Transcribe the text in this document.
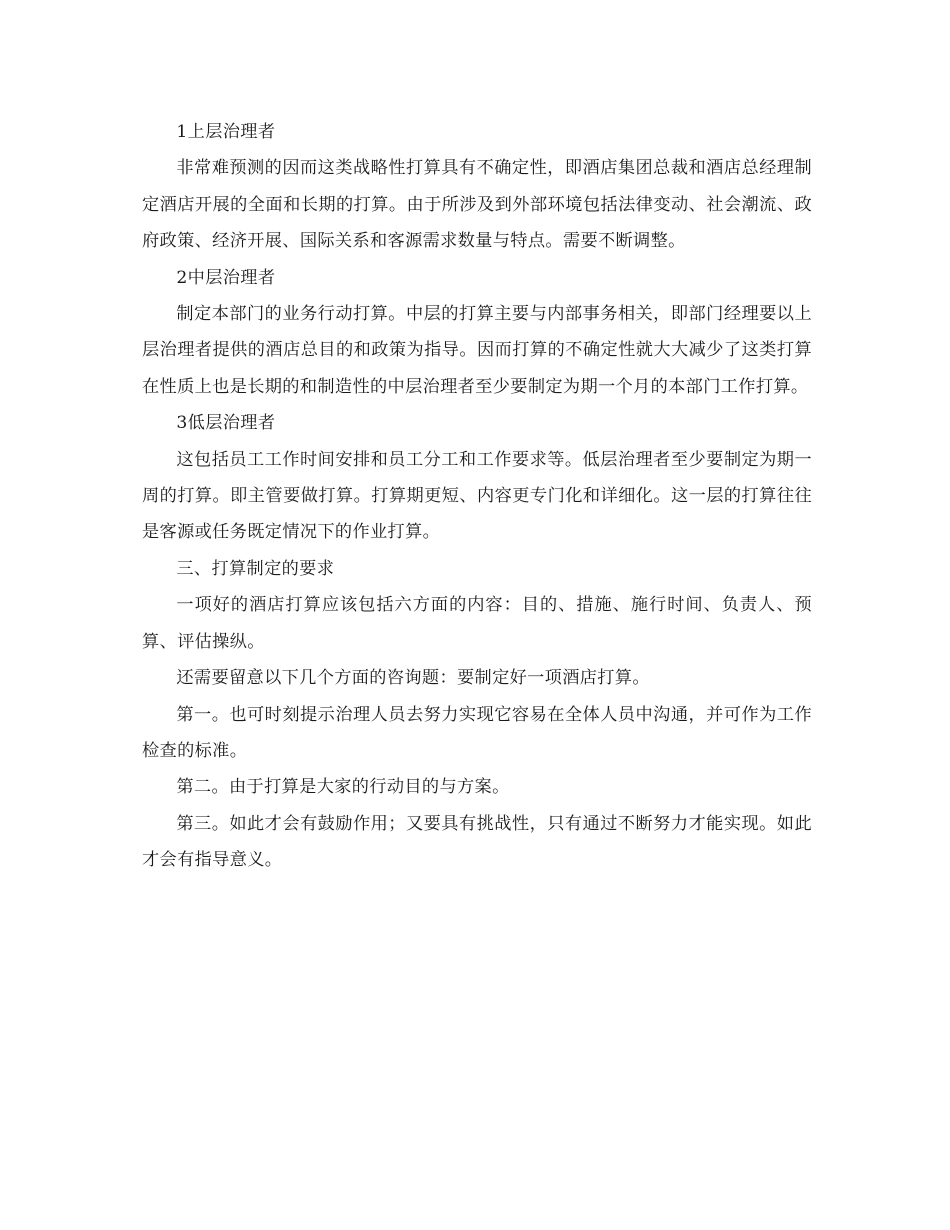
1上层治理者

非常难预测的因而这类战略性打算具有不确定性，即酒店集团总裁和酒店总经理制定酒店开展的全面和长期的打算。由于所涉及到外部环境包括法律变动、社会潮流、政府政策、经济开展、国际关系和客源需求数量与特点。需要不断调整。

2中层治理者

制定本部门的业务行动打算。中层的打算主要与内部事务相关，即部门经理要以上层治理者提供的酒店总目的和政策为指导。因而打算的不确定性就大大减少了这类打算在性质上也是长期的和制造性的中层治理者至少要制定为期一个月的本部门工作打算。

3低层治理者

这包括员工工作时间安排和员工分工和工作要求等。低层治理者至少要制定为期一周的打算。即主管要做打算。打算期更短、内容更专门化和详细化。这一层的打算往往是客源或任务既定情况下的作业打算。

三、打算制定的要求

一项好的酒店打算应该包括六方面的内容：目的、措施、施行时间、负责人、预算、评估操纵。

还需要留意以下几个方面的咨询题：要制定好一项酒店打算。

第一。也可时刻提示治理人员去努力实现它容易在全体人员中沟通，并可作为工作检查的标准。

第二。由于打算是大家的行动目的与方案。

第三。如此才会有鼓励作用；又要具有挑战性，只有通过不断努力才能实现。如此才会有指导意义。
